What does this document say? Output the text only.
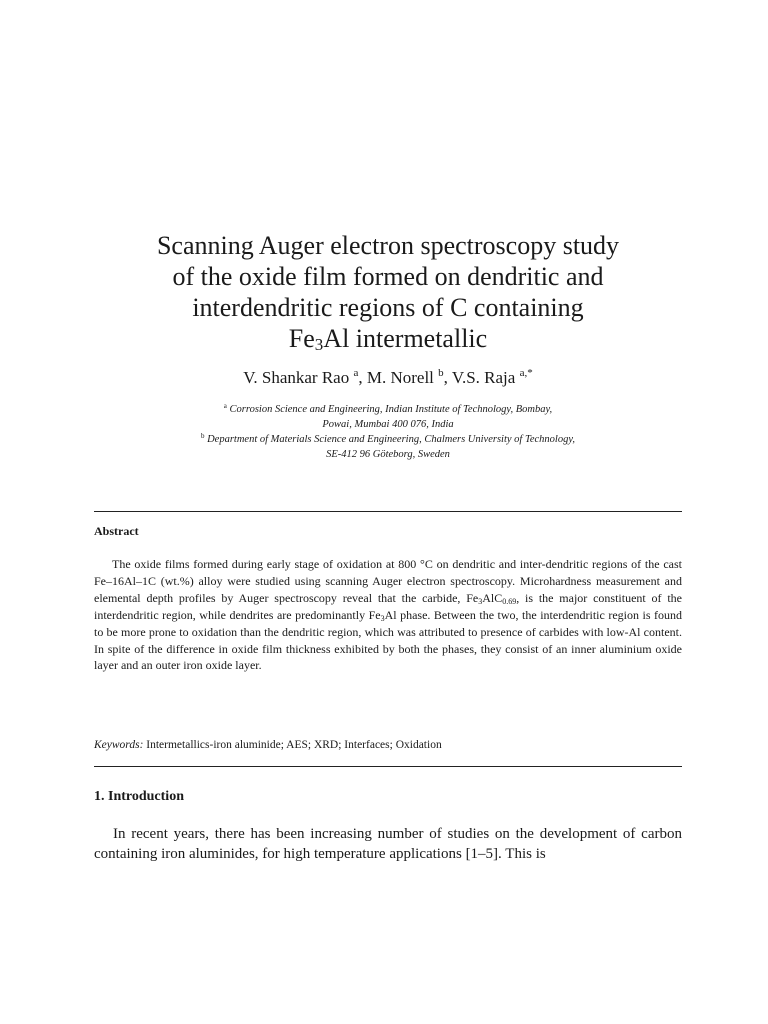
Scanning Auger electron spectroscopy study
of the oxide film formed on dendritic and
interdendritic regions of C containing
$Fe_3Al$ intermetallic
V. Shankar Rao $^a$, M. Norell $^b$, V.S. Raja $^{a,*}$
$^a$ Corrosion Science and Engineering, Indian Institute of Technology, Bombay,
Powai, Mumbai 400 076, India
$^b$ Department of Materials Science and Engineering, Chalmers University of Technology,
SE-412 96 Göteborg, Sweden
Abstract

The oxide films formed during early stage of oxidation at 800 °C on dendritic and inter-dendritic regions of the cast Fe–16Al–1C (wt.%) alloy were studied using scanning Auger electron spectroscopy. Microhardness measurement and elemental depth profiles by Auger spectroscopy reveal that the carbide, $Fe_3AlC_{0.69}$, is the major constituent of the interdendritic region, while dendrites are predominantly $Fe_3Al$ phase. Between the two, the interdendritic region is found to be more prone to oxidation than the dendritic region, which was attributed to presence of carbides with low-Al content. In spite of the difference in oxide film thickness exhibited by both the phases, they consist of an inner aluminium oxide layer and an outer iron oxide layer.

Keywords: Intermetallics-iron aluminide; AES; XRD; Interfaces; Oxidation
1. Introduction

In recent years, there has been increasing number of studies on the development of carbon containing iron aluminides, for high temperature applications [1–5]. This is
